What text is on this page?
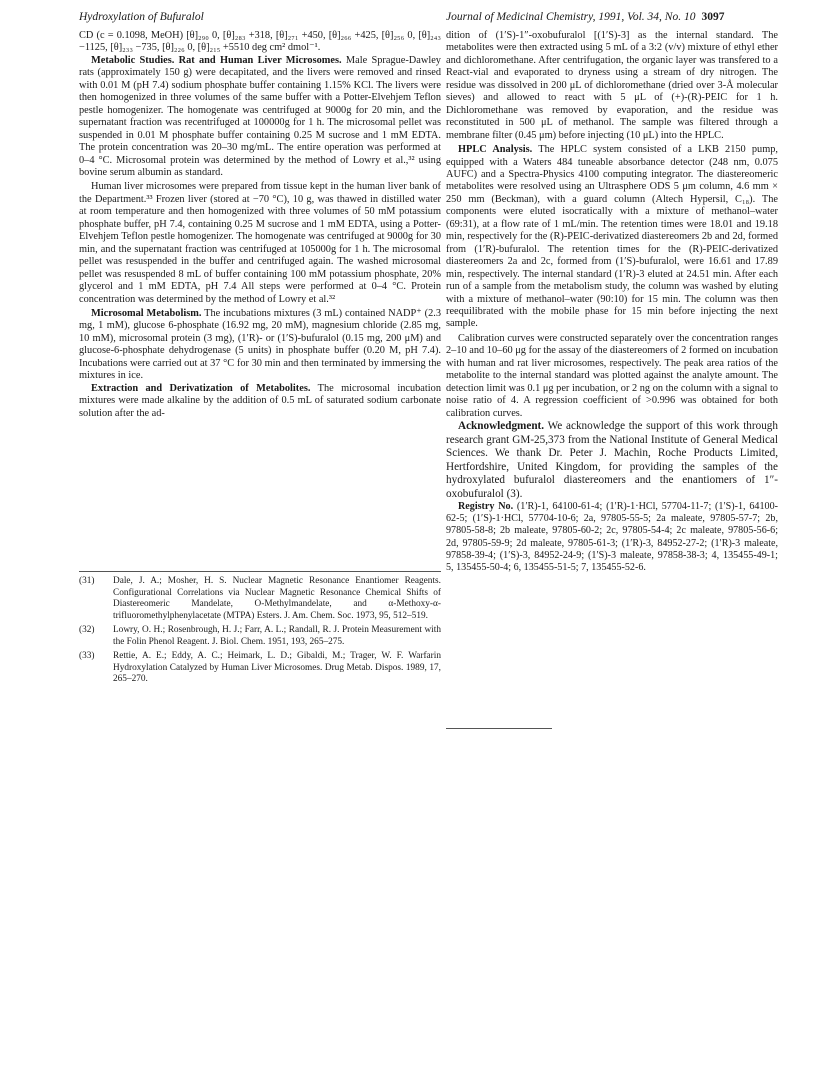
Hydroxylation of Bufuralol	Journal of Medicinal Chemistry, 1991, Vol. 34, No. 10 3097

CD (c = 0.1098, MeOH) [θ]₂₉₀ 0, [θ]₂₈₃ +318, [θ]₂₇₁ +450, [θ]₂₆₆ +425, [θ]₂₅₆ 0, [θ]₂₄₃ −1125, [θ]₂₃₃ −735, [θ]₂₂₆ 0, [θ]₂₁₅ +5510 deg cm² dmol⁻¹.

Metabolic Studies. Rat and Human Liver Microsomes. Male Sprague-Dawley rats (approximately 150 g) were decapitated, and the livers were removed and rinsed with 0.01 M (pH 7.4) sodium phosphate buffer containing 1.15% KCl. The livers were then homogenized in three volumes of the same buffer with a Potter-Elvehjem Teflon pestle homogenizer. The homogenate was centrifuged at 9000g for 20 min, and the supernatant fraction was recentrifuged at 100000g for 1 h. The microsomal pellet was suspended in 0.01 M phosphate buffer containing 0.25 M sucrose and 1 mM EDTA. The protein concentration was 20–30 mg/mL. The entire operation was performed at 0–4 °C. Microsomal protein was determined by the method of Lowry et al.,³² using bovine serum albumin as standard.

Human liver microsomes were prepared from tissue kept in the human liver bank of the Department.³³ Frozen liver (stored at −70 °C), 10 g, was thawed in distilled water at room temperature and then homogenized with three volumes of 50 mM potassium phosphate buffer, pH 7.4, containing 0.25 M sucrose and 1 mM EDTA, using a Potter-Elvehjem Teflon pestle homogenizer. The homogenate was centrifuged at 9000g for 30 min, and the supernatant fraction was centrifuged at 105000g for 1 h. The microsomal pellet was resuspended in the buffer and centrifuged again. The washed microsomal pellet was resuspended 8 mL of buffer containing 100 mM potassium phosphate, 20% glycerol and 1 mM EDTA, pH 7.4 All steps were performed at 0–4 °C. Protein concentration was determined by the method of Lowry et al.³²

Microsomal Metabolism. The incubations mixtures (3 mL) contained NADP⁺ (2.3 mg, 1 mM), glucose 6-phosphate (16.92 mg, 20 mM), magnesium chloride (2.85 mg, 10 mM), microsomal protein (3 mg), (1′R)- or (1′S)-bufuralol (0.15 mg, 200 μM) and glucose-6-phosphate dehydrogenase (5 units) in phosphate buffer (0.20 M, pH 7.4). Incubations were carried out at 37 °C for 30 min and then terminated by immersing the mixtures in ice.

Extraction and Derivatization of Metabolites. The microsomal incubation mixtures were made alkaline by the addition of 0.5 mL of saturated sodium carbonate solution after the ad-

(31) Dale, J. A.; Mosher, H. S. Nuclear Magnetic Resonance Enantiomer Reagents. Configurational Correlations via Nuclear Magnetic Resonance Chemical Shifts of Diastereomeric Mandelate, O-Methylmandelate, and α-Methoxy-α-trifluoromethylphenylacetate (MTPA) Esters. J. Am. Chem. Soc. 1973, 95, 512–519.
(32) Lowry, O. H.; Rosenbrough, H. J.; Farr, A. L.; Randall, R. J. Protein Measurement with the Folin Phenol Reagent. J. Biol. Chem. 1951, 193, 265–275.
(33) Rettie, A. E.; Eddy, A. C.; Heimark, L. D.; Gibaldi, M.; Trager, W. F. Warfarin Hydroxylation Catalyzed by Human Liver Microsomes. Drug Metab. Dispos. 1989, 17, 265–270.

dition of (1′S)-1″-oxobufuralol [(1′S)-3] as the internal standard. The metabolites were then extracted using 5 mL of a 3:2 (v/v) mixture of ethyl ether and dichloromethane. After centrifugation, the organic layer was transfered to a React-vial and evaporated to dryness using a stream of dry nitrogen. The residue was dissolved in 200 μL of dichloromethane (dried over 3-Å molecular sieves) and allowed to react with 5 μL of (+)-(R)-PEIC for 1 h. Dichloromethane was removed by evaporation, and the residue was reconstituted in 500 μL of methanol. The sample was filtered through a membrane filter (0.45 μm) before injecting (10 μL) into the HPLC.

HPLC Analysis. The HPLC system consisted of a LKB 2150 pump, equipped with a Waters 484 tuneable absorbance detector (248 nm, 0.075 AUFC) and a Spectra-Physics 4100 computing integrator. The diastereomeric metabolites were resolved using an Ultrasphere ODS 5 μm column, 4.6 mm × 250 mm (Beckman), with a guard column (Altech Hypersil, C₁₈). The components were eluted isocratically with a mixture of methanol–water (69:31), at a flow rate of 1 mL/min. The retention times were 18.01 and 19.18 min, respectively for the (R)-PEIC-derivatized diastereomers 2b and 2d, formed from (1′R)-bufuralol. The retention times for the (R)-PEIC-derivatized diastereomers 2a and 2c, formed from (1′S)-bufuralol, were 16.61 and 17.89 min, respectively. The internal standard (1′R)-3 eluted at 24.51 min. After each run of a sample from the metabolism study, the column was washed by eluting with a mixture of methanol–water (90:10) for 15 min. The column was then reequilibrated with the mobile phase for 15 min before injecting the next sample.

Calibration curves were constructed separately over the concentration ranges 2–10 and 10–60 μg for the assay of the diastereomers of 2 formed on incubation with human and rat liver microsomes, respectively. The peak area ratios of the metabolite to the internal standard was plotted against the analyte amount. The detection limit was 0.1 μg per incubation, or 2 ng on the column with a signal to noise ratio of 4. A regression coefficient of >0.996 was obtained for both calibration curves.

Acknowledgment. We acknowledge the support of this work through research grant GM-25,373 from the National Institute of General Medical Sciences. We thank Dr. Peter J. Machin, Roche Products Limited, Hertfordshire, United Kingdom, for providing the samples of the hydroxylated bufuralol diastereomers and the enantiomers of 1″-oxobufuralol (3).

Registry No. (1′R)-1, 64100-61-4; (1′R)-1·HCl, 57704-11-7; (1′S)-1, 64100-62-5; (1′S)-1·HCl, 57704-10-6; 2a, 97805-55-5; 2a maleate, 97805-57-7; 2b, 97805-58-8; 2b maleate, 97805-60-2; 2c, 97805-54-4; 2c maleate, 97805-56-6; 2d, 97805-59-9; 2d maleate, 97805-61-3; (1′R)-3, 84952-27-2; (1′R)-3 maleate, 97858-39-4; (1′S)-3, 84952-24-9; (1′S)-3 maleate, 97858-38-3; 4, 135455-49-1; 5, 135455-50-4; 6, 135455-51-5; 7, 135455-52-6.
